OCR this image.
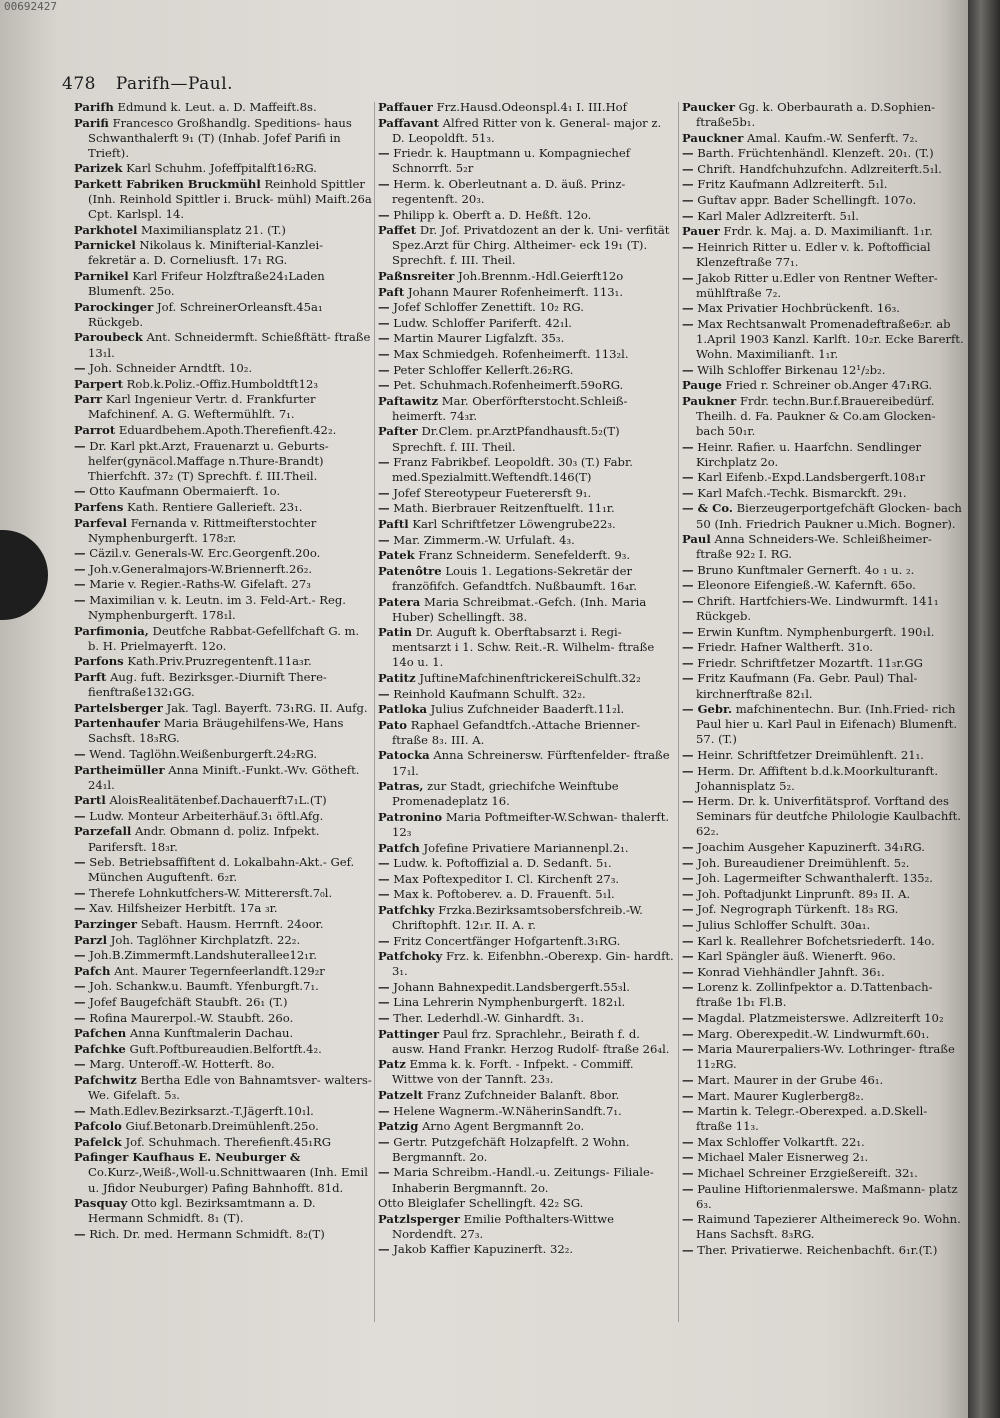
00692427
478 Parifh—Paul.
Parifh Edmund k. Leut. a. D. Maffeift.8s.
Parifi Francesco Großhandlg. Speditions- haus Schwanthalerft 9₁ (T) (Inhab. Jofef Parifi in Trieft).
Parizek Karl Schuhm. Jofeffpitalft16₂RG.
Parkett Fabriken Bruckmühl Reinhold Spittler (Inh. Reinhold Spittler i. Bruck- mühl) Maift.26a Cpt. Karlspl. 14.
Parkhotel Maximiliansplatz 21. (T.)
Parnickel Nikolaus k. Minifterial-Kanzlei- fekretär a. D. Corneliusft. 17₁ RG.
Parnikel Karl Frifeur Holzftraße24₁Laden Blumenft. 25o.
Parockinger Jof. SchreinerOrleansft.45a₁ Rückgeb.
Paroubeck Ant. Schneidermft. Schießftätt- ftraße 13₁l.
— Joh. Schneider Arndtft. 10₂.
Parpert Rob.k.Poliz.-Offiz.Humboldtft12₃
Parr Karl Ingenieur Vertr. d. Frankfurter Mafchinenf. A. G. Weftermühlft. 7₁.
Parrot Eduardbehem.Apoth.Therefienft.42₂.
— Dr. Karl pkt.Arzt, Frauenarzt u. Geburts- helfer(gynäcol.Maffage n.Thure-Brandt) Thierfchft. 37₂ (T) Sprechft. f. III.Theil.
— Otto Kaufmann Obermaierft. 1o.
Parfens Kath. Rentiere Gallerieft. 23₁.
Parfeval Fernanda v. Rittmeifterstochter Nymphenburgerft. 178₂r.
— Cäzil.v. Generals-W. Erc.Georgenft.20o.
— Joh.v.Generalmajors-W.Briennerft.26₂.
— Marie v. Regier.-Raths-W. Gifelaft. 27₃
— Maximilian v. k. Leutn. im 3. Feld-Art.- Reg. Nymphenburgerft. 178₁l.
Parfimonia, Deutfche Rabbat-Gefellfchaft G. m. b. H. Prielmayerft. 12o.
Parfons Kath.Priv.Pruzregentenft.11a₃r.
Parft Aug. fuft. Bezirksger.-Diurnift There- fienftraße132₁GG.
Partelsberger Jak. Tagl. Bayerft. 73₁RG. II. Aufg.
Partenhaufer Maria Bräugehilfens-We, Hans Sachsft. 18₃RG.
— Wend. Taglöhn.Weißenburgerft.24₂RG.
Partheimüller Anna Minift.-Funkt.-Wv. Götheft. 24₁l.
Partl AloisRealitätenbef.Dachauerft7₁L.(T)
— Ludw. Monteur Arbeiterhäuf.3₁ öftl.Afg.
Parzefall Andr. Obmann d. poliz. Infpekt. Parifersft. 18₃r.
— Seb. Betriebsaffiftent d. Lokalbahn-Akt.- Gef. München Auguftenft. 6₂r.
— Therefe Lohnkutfchers-W. Mitterersft.7₀l.
— Xav. Hilfsheizer Herbitft. 17a ₃r.
Parzinger Sebaft. Hausm. Herrnft. 24oor.
Parzl Joh. Taglöhner Kirchplatzft. 22₂.
— Joh.B.Zimmermft.Landshuterallee12₁r.
Pafch Ant. Maurer Tegernfeerlandft.129₂r
— Joh. Schankw.u. Baumft. Yfenburgft.7₁.
— Jofef Baugefchäft Staubft. 26₁ (T.)
— Rofina Maurerpol.-W. Staubft. 26o.
Pafchen Anna Kunftmalerin Dachau.
Pafchke Guft.Poftbureaudien.Belfortft.4₂.
— Marg. Unteroff.-W. Hotterft. 8o.
Pafchwitz Bertha Edle von Bahnamtsver- walters-We. Gifelaft. 5₃.
— Math.Edlev.Bezirksarzt.-T.Jägerft.10₁l.
Pafcolo Giuf.Betonarb.Dreimühlenft.25o.
Pafelck Jof. Schuhmach. Therefienft.45₁RG
Pafinger Kaufhaus E. Neuburger & Co.Kurz-,Weiß-,Woll-u.Schnittwaaren (Inh. Emil u. Jfidor Neuburger) Pafing Bahnhofft. 81d.
Pasquay Otto kgl. Bezirksamtmann a. D. Hermann Schmidft. 8₁ (T).
— Rich. Dr. med. Hermann Schmidft. 8₂(T)
Paffauer Frz.Hausd.Odeonspl.4₁ I. III.Hof
Paffavant Alfred Ritter von k. General- major z. D. Leopoldft. 51₃.
— Friedr. k. Hauptmann u. Kompagniechef Schnorrft. 5₂r
— Herm. k. Oberleutnant a. D. äuß. Prinz- regentenft. 20₃.
— Philipp k. Oberft a. D. Heßft. 12o.
Paffet Dr. Jof. Privatdozent an der k. Uni- verfität Spez.Arzt für Chirg. Altheimer- eck 19₁ (T). Sprechft. f. III. Theil.
Paßnsreiter Joh.Brennm.-Hdl.Geierft12o
Paft Johann Maurer Rofenheimerft. 113₁.
— Jofef Schloffer Zenettift. 10₂ RG.
— Ludw. Schloffer Pariferft. 42₁l.
— Martin Maurer Ligfalzft. 35₃.
— Max Schmiedgeh. Rofenheimerft. 113₂l.
— Peter Schloffer Kellerft.26₂RG.
— Pet. Schuhmach.Rofenheimerft.59oRG.
Paftawitz Mar. Oberförfterstocht.Schleiß- heimerft. 74₃r.
Pafter Dr.Clem. pr.ArztPfandhausft.5₂(T) Sprechft. f. III. Theil.
— Franz Fabrikbef. Leopoldft. 30₃ (T.) Fabr. med.Spezialmitt.Weftendft.146(T)
— Jofef Stereotypeur Fueterersft 9₁.
— Math. Bierbrauer Reitzenftuelft. 11₁r.
Paftl Karl Schriftfetzer Löwengrube22₃.
— Mar. Zimmerm.-W. Urfulaft. 4₃.
Patek Franz Schneiderm. Senefelderft. 9₃.
Patenôtre Louis 1. Legations-Sekretär der franzöfifch. Gefandtfch. Nußbaumft. 16₄r.
Patera Maria Schreibmat.-Gefch. (Inh. Maria Huber) Schellingft. 38.
Patin Dr. Auguft k. Oberftabsarzt i. Regi- mentsarzt i 1. Schw. Reit.-R. Wilhelm- ftraße 14o u. 1.
Patitz JuftineMafchinenftrickereiSchulft.32₂
— Reinhold Kaufmann Schulft. 32₂.
Patloka Julius Zufchneider Baaderft.11₂l.
Pato Raphael Gefandtfch.-Attache Brienner- ftraße 8₃. III. A.
Patocka Anna Schreinersw. Fürftenfelder- ftraße 17₁l.
Patras, zur Stadt, griechifche Weinftube Promenadeplatz 16.
Patronino Maria Poftmeifter-W.Schwan- thalerft. 12₃
Patfch Jofefine Privatiere Mariannenpl.2₁.
— Ludw. k. Poftoffizial a. D. Sedanft. 5₁.
— Max Poftexpeditor I. Cl. Kirchenft 27₃.
— Max k. Poftoberev. a. D. Frauenft. 5₁l.
Patfchky Frzka.Bezirksamtsobersfchreib.-W. Chriftophft. 12₁r. II. A. r.
— Fritz Concertfänger Hofgartenft.3₁RG.
Patfchoky Frz. k. Eifenbhn.-Oberexp. Gin- hardft. 3₁.
— Johann Bahnexpedit.Landsbergerft.55₃l.
— Lina Lehrerin Nymphenburgerft. 182₁l.
— Ther. Lederhdl.-W. Ginhardft. 3₁.
Pattinger Paul frz. Sprachlehr., Beirath f. d. ausw. Hand Frankr. Herzog Rudolf- ftraße 26₄l.
Patz Emma k. k. Forft. - Infpekt. - Commiff. Wittwe von der Tannft. 23₃.
Patzelt Franz Zufchneider Balanft. 8bor.
— Helene Wagnerm.-W.NäherinSandft.7₁.
Patzig Arno Agent Bergmannft 2o.
— Gertr. Putzgefchäft Holzapfelft. 2 Wohn. Bergmannft. 2o.
— Maria Schreibm.-Handl.-u. Zeitungs- Filiale-Inhaberin Bergmannft. 2o.
Otto Bleiglafer Schellingft. 42₂ SG.
Patzlsperger Emilie Pofthalters-Wittwe Nordendft. 27₃.
— Jakob Kaffier Kapuzinerft. 32₂.
Paucker Gg. k. Oberbaurath a. D.Sophien- ftraße5b₁.
Pauckner Amal. Kaufm.-W. Senferft. 7₂.
— Barth. Früchtenhändl. Klenzeft. 20₁. (T.)
— Chrift. Handfchuhzufchn. Adlzreiterft.5₁l.
— Fritz Kaufmann Adlzreiterft. 5₁l.
— Guftav appr. Bader Schellingft. 107o.
— Karl Maler Adlzreiterft. 5₁l.
Pauer Frdr. k. Maj. a. D. Maximilianft. 1₁r.
— Heinrich Ritter u. Edler v. k. Poftofficial Klenzeftraße 77₁.
— Jakob Ritter u.Edler von Rentner Wefter- mühlftraße 7₂.
— Max Privatier Hochbrückenft. 16₃.
— Max Rechtsanwalt Promenadeftraße6₂r. ab 1.April 1903 Kanzl. Karlft. 10₂r. Ecke Barerft. Wohn. Maximilianft. 1₁r.
— Wilh Schloffer Birkenau 12¹/₂b₂.
Pauge Fried r. Schreiner ob.Anger 47₁RG.
Paukner Frdr. techn.Bur.f.Brauereibedürf. Theilh. d. Fa. Paukner & Co.am Glocken- bach 50₁r.
— Heinr. Rafier. u. Haarfchn. Sendlinger Kirchplatz 2o.
— Karl Eifenb.-Expd.Landsbergerft.108₁r
— Karl Mafch.-Techk. Bismarckft. 29₁.
— & Co. Bierzeugerportgefchäft Glocken- bach 50 (Inh. Friedrich Paukner u.Mich. Bogner).
Paul Anna Schneiders-We. Schleißheimer- ftraße 92₂ I. RG.
— Bruno Kunftmaler Gernerft. 4o ₁ u. ₂.
— Eleonore Eifengieß.-W. Kafernft. 65o.
— Chrift. Hartfchiers-We. Lindwurmft. 141₁ Rückgeb.
— Erwin Kunftm. Nymphenburgerft. 190₁l.
— Friedr. Hafner Waltherft. 31o.
— Friedr. Schriftfetzer Mozartft. 11₃r.GG
— Fritz Kaufmann (Fa. Gebr. Paul) Thal- kirchnerftraße 82₁l.
— Gebr. mafchinentechn. Bur. (Inh.Fried- rich Paul hier u. Karl Paul in Eifenach) Blumenft. 57. (T.)
— Heinr. Schriftfetzer Dreimühlenft. 21₁.
— Herm. Dr. Affiftent b.d.k.Moorkulturanft. Johannisplatz 5₂.
— Herm. Dr. k. Univerfitätsprof. Vorftand des Seminars für deutfche Philologie Kaulbachft. 62₂.
— Joachim Ausgeher Kapuzinerft. 34₁RG.
— Joh. Bureaudiener Dreimühlenft. 5₂.
— Joh. Lagermeifter Schwanthalerft. 135₂.
— Joh. Poftadjunkt Linprunft. 89₃ II. A.
— Jof. Negrograph Türkenft. 18₃ RG.
— Julius Schloffer Schulft. 30a₁.
— Karl k. Reallehrer Bofchetsriederft. 14o.
— Karl Spängler äuß. Wienerft. 96o.
— Konrad Viehhändler Jahnft. 36₁.
— Lorenz k. Zollinfpektor a. D.Tattenbach- ftraße 1b₁ Fl.B.
— Magdal. Platzmeisterswe. Adlzreiterft 10₂
— Marg. Oberexpedit.-W. Lindwurmft.60₁.
— Maria Maurerpaliers-Wv. Lothringer- ftraße 11₂RG.
— Mart. Maurer in der Grube 46₁.
— Mart. Maurer Kuglerberg8₂.
— Martin k. Telegr.-Oberexped. a.D.Skell- ftraße 11₃.
— Max Schloffer Volkartft. 22₁.
— Michael Maler Eisnerweg 2₁.
— Michael Schreiner Erzgießereift. 32₁.
— Pauline Hiftorienmalerswe. Maßmann- platz 6₃.
— Raimund Tapezierer Altheimereck 9o. Wohn. Hans Sachsft. 8₃RG.
— Ther. Privatierwe. Reichenbachft. 6₁r.(T.)
